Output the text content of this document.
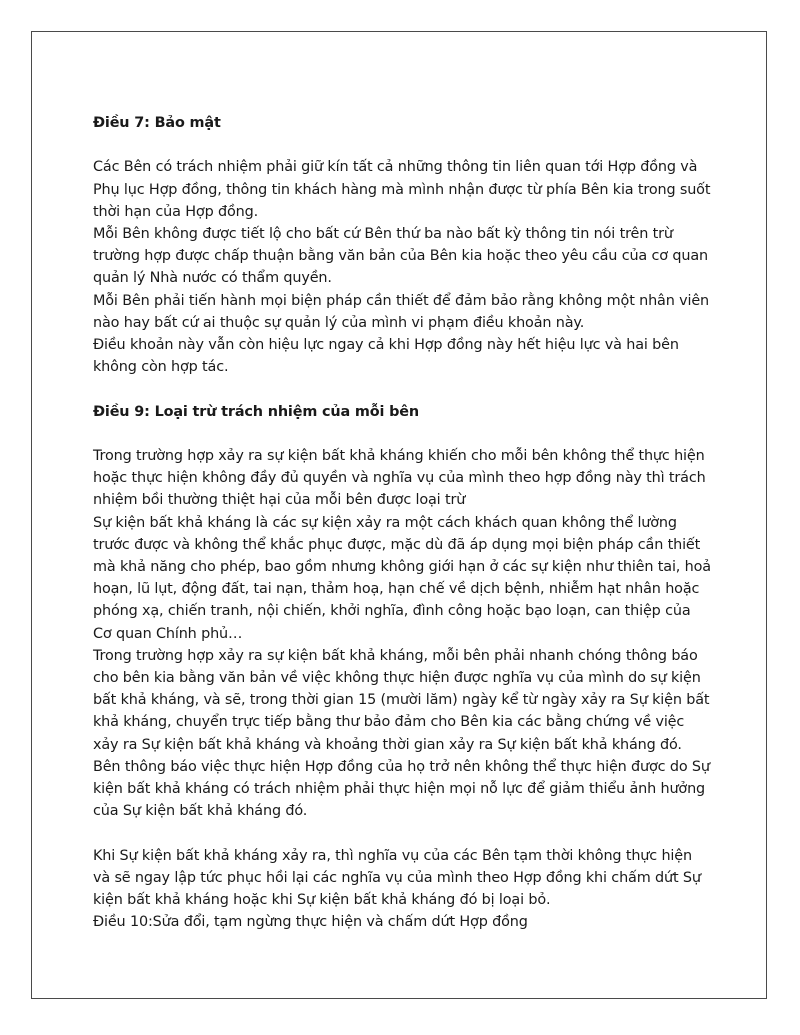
Điều 7: Bảo mật

Các Bên có trách nhiệm phải giữ kín tất cả những thông tin liên quan tới Hợp đồng và Phụ lục Hợp đồng, thông tin khách hàng mà mình nhận được từ phía Bên kia trong suốt thời hạn của Hợp đồng.

Mỗi Bên không được tiết lộ cho bất cứ Bên thứ ba nào bất kỳ thông tin nói trên trừ trường hợp được chấp thuận bằng văn bản của Bên kia hoặc theo yêu cầu của cơ quan quản lý Nhà nước có thẩm quyền.

Mỗi Bên phải tiến hành mọi biện pháp cần thiết để đảm bảo rằng không một nhân viên nào hay bất cứ ai thuộc sự quản lý của mình vi phạm điều khoản này.

Điều khoản này vẫn còn hiệu lực ngay cả khi Hợp đồng này hết hiệu lực và hai bên không còn hợp tác.

Điều 9: Loại trừ trách nhiệm của mỗi bên

Trong trường hợp xảy ra sự kiện bất khả kháng khiến cho mỗi bên không thể thực hiện hoặc thực hiện không đầy đủ quyền và nghĩa vụ của mình theo hợp đồng này thì trách nhiệm bồi thường thiệt hại của mỗi bên được loại trừ

Sự kiện bất khả kháng là các sự kiện xảy ra một cách khách quan không thể lường trước được và không thể khắc phục được, mặc dù đã áp dụng mọi biện pháp cần thiết mà khả năng cho phép, bao gồm nhưng không giới hạn ở các sự kiện như thiên tai, hoả hoạn, lũ lụt, động đất, tai nạn, thảm hoạ, hạn chế về dịch bệnh, nhiễm hạt nhân hoặc phóng xạ, chiến tranh, nội chiến, khởi nghĩa, đình công hoặc bạo loạn, can thiệp của Cơ quan Chính phủ…

Trong trường hợp xảy ra sự kiện bất khả kháng, mỗi bên phải nhanh chóng thông báo cho bên kia bằng văn bản về việc không thực hiện được nghĩa vụ của mình do sự kiện bất khả kháng, và sẽ, trong thời gian 15 (mười lăm) ngày kể từ ngày xảy ra Sự kiện bất khả kháng, chuyển trực tiếp bằng thư bảo đảm cho Bên kia các bằng chứng về việc xảy ra Sự kiện bất khả kháng và khoảng thời gian xảy ra Sự kiện bất khả kháng đó.

Bên thông báo việc thực hiện Hợp đồng của họ trở nên không thể thực hiện được do Sự kiện bất khả kháng có trách nhiệm phải thực hiện mọi nỗ lực để giảm thiểu ảnh hưởng của Sự kiện bất khả kháng đó.

Khi Sự kiện bất khả kháng xảy ra, thì nghĩa vụ của các Bên tạm thời không thực hiện và sẽ ngay lập tức phục hồi lại các nghĩa vụ của mình theo Hợp đồng khi chấm dứt Sự kiện bất khả kháng hoặc khi Sự kiện bất khả kháng đó bị loại bỏ.

Điều 10:Sửa đổi, tạm ngừng thực hiện và chấm dứt Hợp đồng
